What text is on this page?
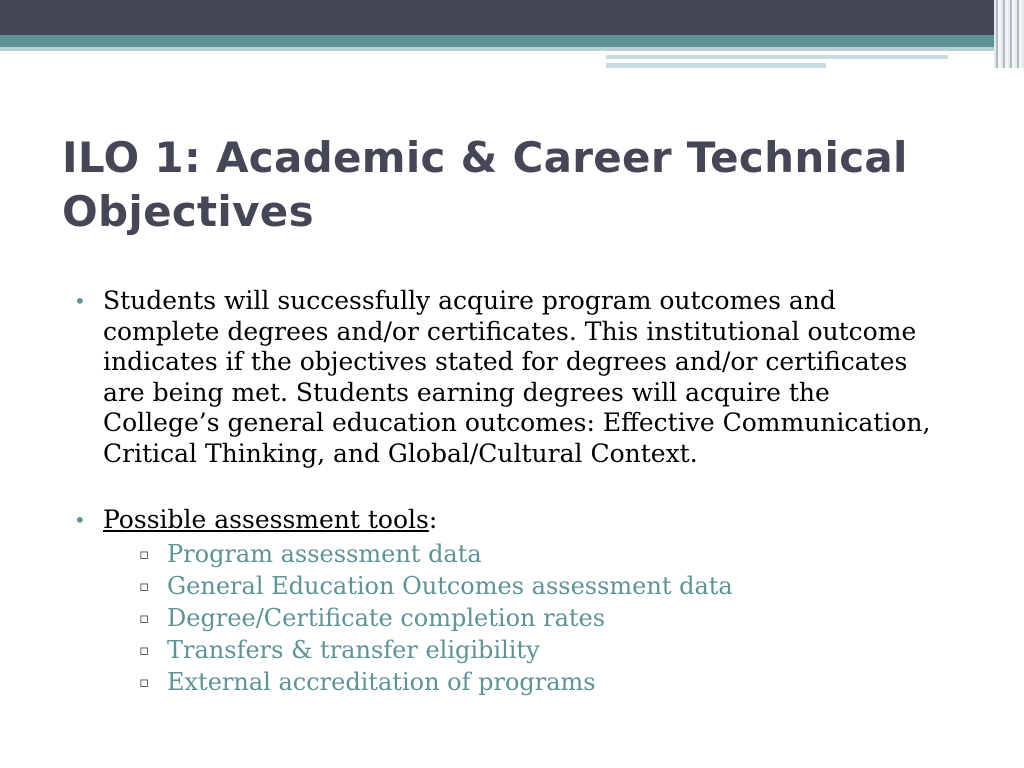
ILO 1: Academic & Career Technical Objectives
• Students will successfully acquire program outcomes and complete degrees and/or certificates. This institutional outcome indicates if the objectives stated for degrees and/or certificates are being met. Students earning degrees will acquire the College’s general education outcomes: Effective Communication, Critical Thinking, and Global/Cultural Context.
• Possible assessment tools:
▫ Program assessment data
▫ General Education Outcomes assessment data
▫ Degree/Certificate completion rates
▫ Transfers & transfer eligibility
▫ External accreditation of programs
